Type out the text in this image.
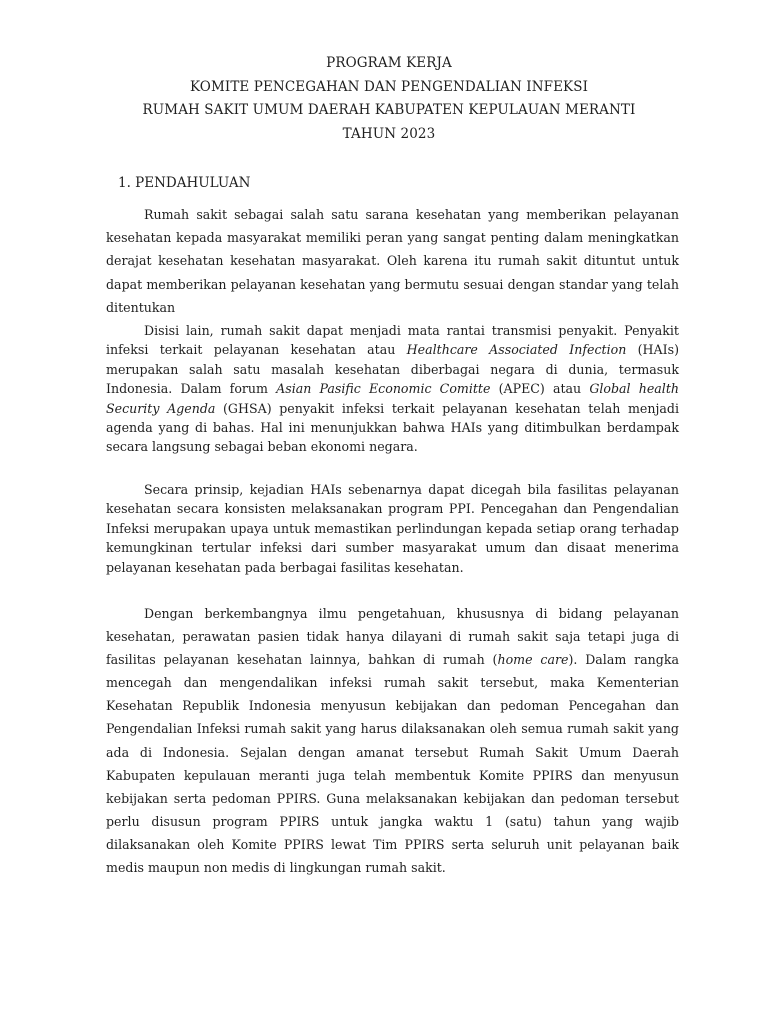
PROGRAM KERJA
KOMITE PENCEGAHAN DAN PENGENDALIAN INFEKSI
RUMAH SAKIT UMUM DAERAH KABUPATEN KEPULAUAN MERANTI
TAHUN 2023
1. PENDAHULUAN

Rumah sakit sebagai salah satu sarana kesehatan yang memberikan pelayanan kesehatan kepada masyarakat memiliki peran yang sangat penting dalam meningkatkan derajat kesehatan kesehatan masyarakat. Oleh karena itu rumah sakit dituntut untuk dapat memberikan pelayanan kesehatan yang bermutu sesuai dengan standar yang telah ditentukan

Disisi lain, rumah sakit dapat menjadi mata rantai transmisi penyakit. Penyakit infeksi terkait pelayanan kesehatan atau Healthcare Associated Infection (HAIs) merupakan salah satu masalah kesehatan diberbagai negara di dunia, termasuk Indonesia. Dalam forum Asian Pasific Economic Comitte (APEC) atau Global health Security Agenda (GHSA) penyakit infeksi terkait pelayanan kesehatan telah menjadi agenda yang di bahas. Hal ini menunjukkan bahwa HAIs yang ditimbulkan berdampak secara langsung sebagai beban ekonomi negara.

Secara prinsip, kejadian HAIs sebenarnya dapat dicegah bila fasilitas pelayanan kesehatan secara konsisten melaksanakan program PPI. Pencegahan dan Pengendalian Infeksi merupakan upaya untuk memastikan perlindungan kepada setiap orang terhadap kemungkinan tertular infeksi dari sumber masyarakat umum dan disaat menerima pelayanan kesehatan pada berbagai fasilitas kesehatan.

Dengan berkembangnya ilmu pengetahuan, khususnya di bidang pelayanan kesehatan, perawatan pasien tidak hanya dilayani di rumah sakit saja tetapi juga di fasilitas pelayanan kesehatan lainnya, bahkan di rumah (home care). Dalam rangka mencegah dan mengendalikan infeksi rumah sakit tersebut, maka Kementerian Kesehatan Republik Indonesia menyusun kebijakan dan pedoman Pencegahan dan Pengendalian Infeksi rumah sakit yang harus dilaksanakan oleh semua rumah sakit yang ada di Indonesia. Sejalan dengan amanat tersebut Rumah Sakit Umum Daerah Kabupaten kepulauan meranti juga telah membentuk Komite PPIRS dan menyusun kebijakan serta pedoman PPIRS. Guna melaksanakan kebijakan dan pedoman tersebut perlu disusun program PPIRS untuk jangka waktu 1 (satu) tahun yang wajib dilaksanakan oleh Komite PPIRS lewat Tim PPIRS serta seluruh unit pelayanan baik medis maupun non medis di lingkungan rumah sakit.
